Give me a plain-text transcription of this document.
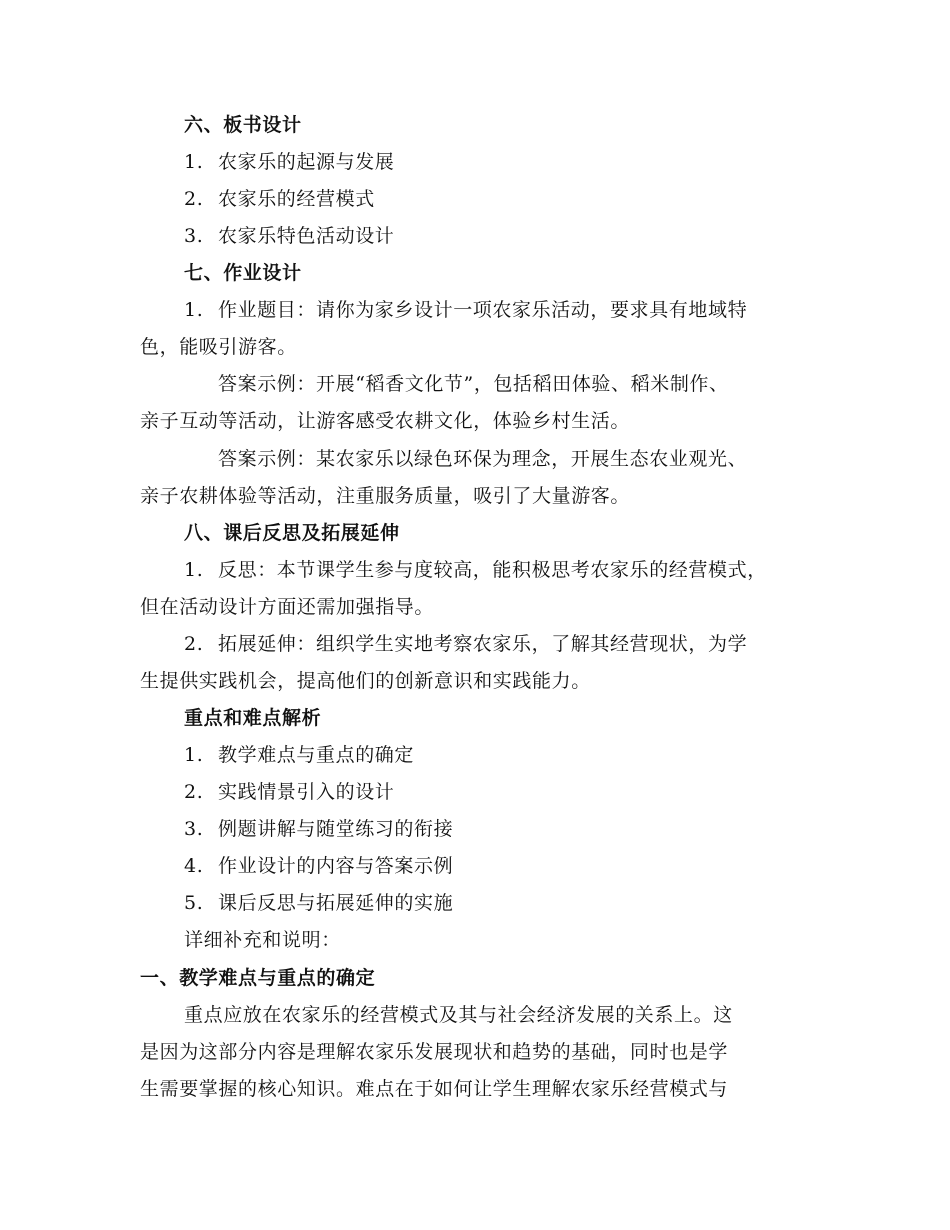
六、板书设计
1. 农家乐的起源与发展
2. 农家乐的经营模式
3. 农家乐特色活动设计
七、作业设计
1. 作业题目：请你为家乡设计一项农家乐活动，要求具有地域特
色，能吸引游客。
答案示例：开展“稻香文化节”，包括稻田体验、稻米制作、
亲子互动等活动，让游客感受农耕文化，体验乡村生活。
答案示例：某农家乐以绿色环保为理念，开展生态农业观光、
亲子农耕体验等活动，注重服务质量，吸引了大量游客。
八、课后反思及拓展延伸
1. 反思：本节课学生参与度较高，能积极思考农家乐的经营模式，
但在活动设计方面还需加强指导。
2. 拓展延伸：组织学生实地考察农家乐，了解其经营现状，为学
生提供实践机会，提高他们的创新意识和实践能力。
重点和难点解析
1. 教学难点与重点的确定
2. 实践情景引入的设计
3. 例题讲解与随堂练习的衔接
4. 作业设计的内容与答案示例
5. 课后反思与拓展延伸的实施
详细补充和说明：
一、教学难点与重点的确定
重点应放在农家乐的经营模式及其与社会经济发展的关系上。这
是因为这部分内容是理解农家乐发展现状和趋势的基础，同时也是学
生需要掌握的核心知识。难点在于如何让学生理解农家乐经营模式与
